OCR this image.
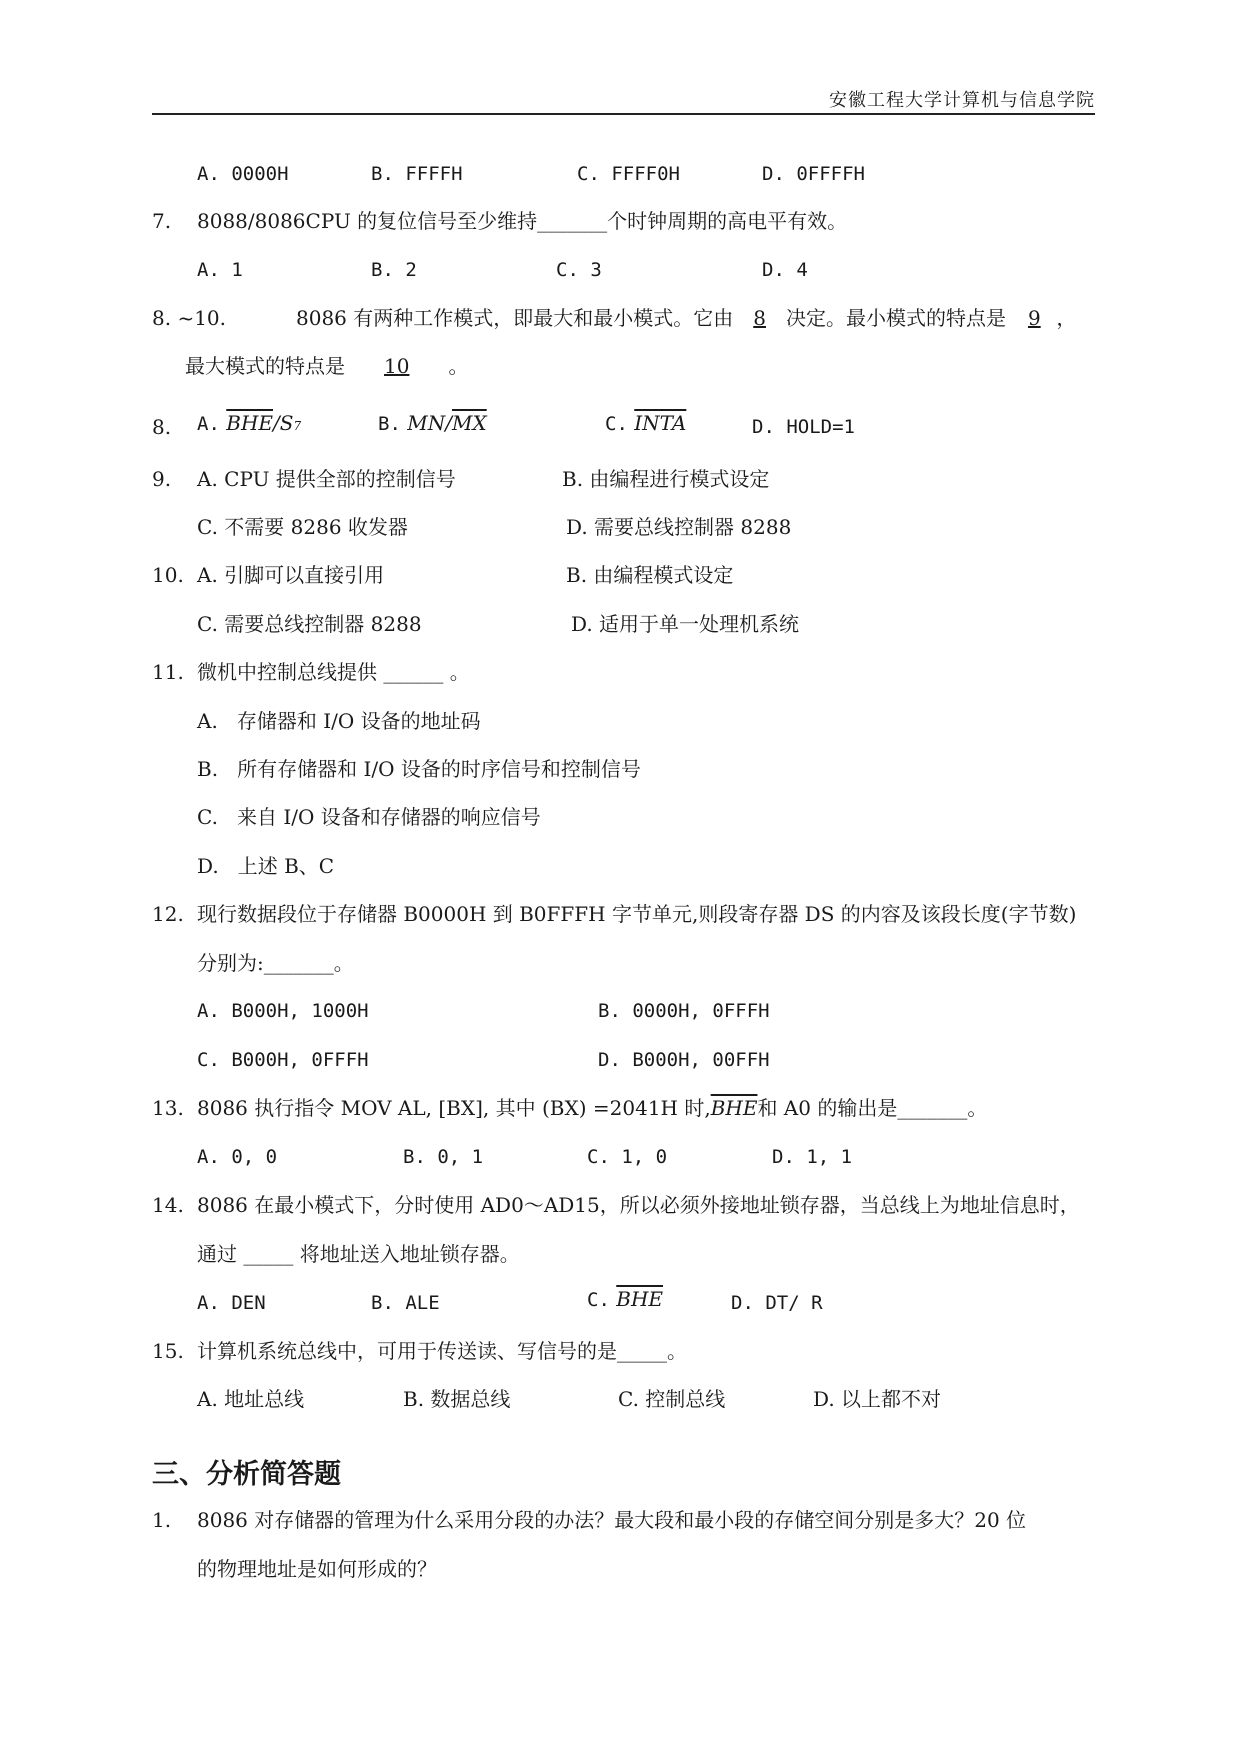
安徽工程大学计算机与信息学院
A. 0000H	B. FFFFH	C. FFFF0H	D. 0FFFFH
7. 8088/8086CPU 的复位信号至少维持_______个时钟周期的高电平有效。
A. 1	B. 2	C. 3	D. 4
8. ~10.	8086 有两种工作模式，即最大和最小模式。它由 8 决定。最小模式的特点是 9 ，
最大模式的特点是 10 。
8. A. $\overline{BHE}/S7$	B. $MN/\overline{MX}$	C. INTA	D. HOLD=1
9. A. CPU 提供全部的控制信号	B. 由编程进行模式设定
C. 不需要 8286 收发器	D. 需要总线控制器 8288
10. A. 引脚可以直接引用	B. 由编程模式设定
C. 需要总线控制器 8288	D. 适用于单一处理机系统
11. 微机中控制总线提供 ______ 。
A.   存储器和 I/O 设备的地址码
B.   所有存储器和 I/O 设备的时序信号和控制信号
C.   来自 I/O 设备和存储器的响应信号
D.   上述 B、C
12. 现行数据段位于存储器 B0000H 到 B0FFFH 字节单元,则段寄存器 DS 的内容及该段长度(字节数)
分别为:_______。
A. B000H, 1000H	B. 0000H, 0FFFH
C. B000H, 0FFFH	D. B000H, 00FFH
13. 8086 执行指令 MOV AL, [BX], 其中 (BX) =2041H 时$,\overline{BHE}$和 A0 的输出是_______。
A. 0, 0	B. 0, 1	C. 1, 0	D. 1, 1
14. 8086 在最小模式下，分时使用 AD0～AD15，所以必须外接地址锁存器，当总线上为地址信息时，
通过 _____ 将地址送入地址锁存器。
A. DEN	B. ALE	C. $\overline{BHE}$	D. DT/ R
15. 计算机系统总线中，可用于传送读、写信号的是_____。
A. 地址总线	B. 数据总线	C. 控制总线	D. 以上都不对
三、分析简答题
1. 8086 对存储器的管理为什么采用分段的办法？最大段和最小段的存储空间分别是多大？20 位
的物理地址是如何形成的？
